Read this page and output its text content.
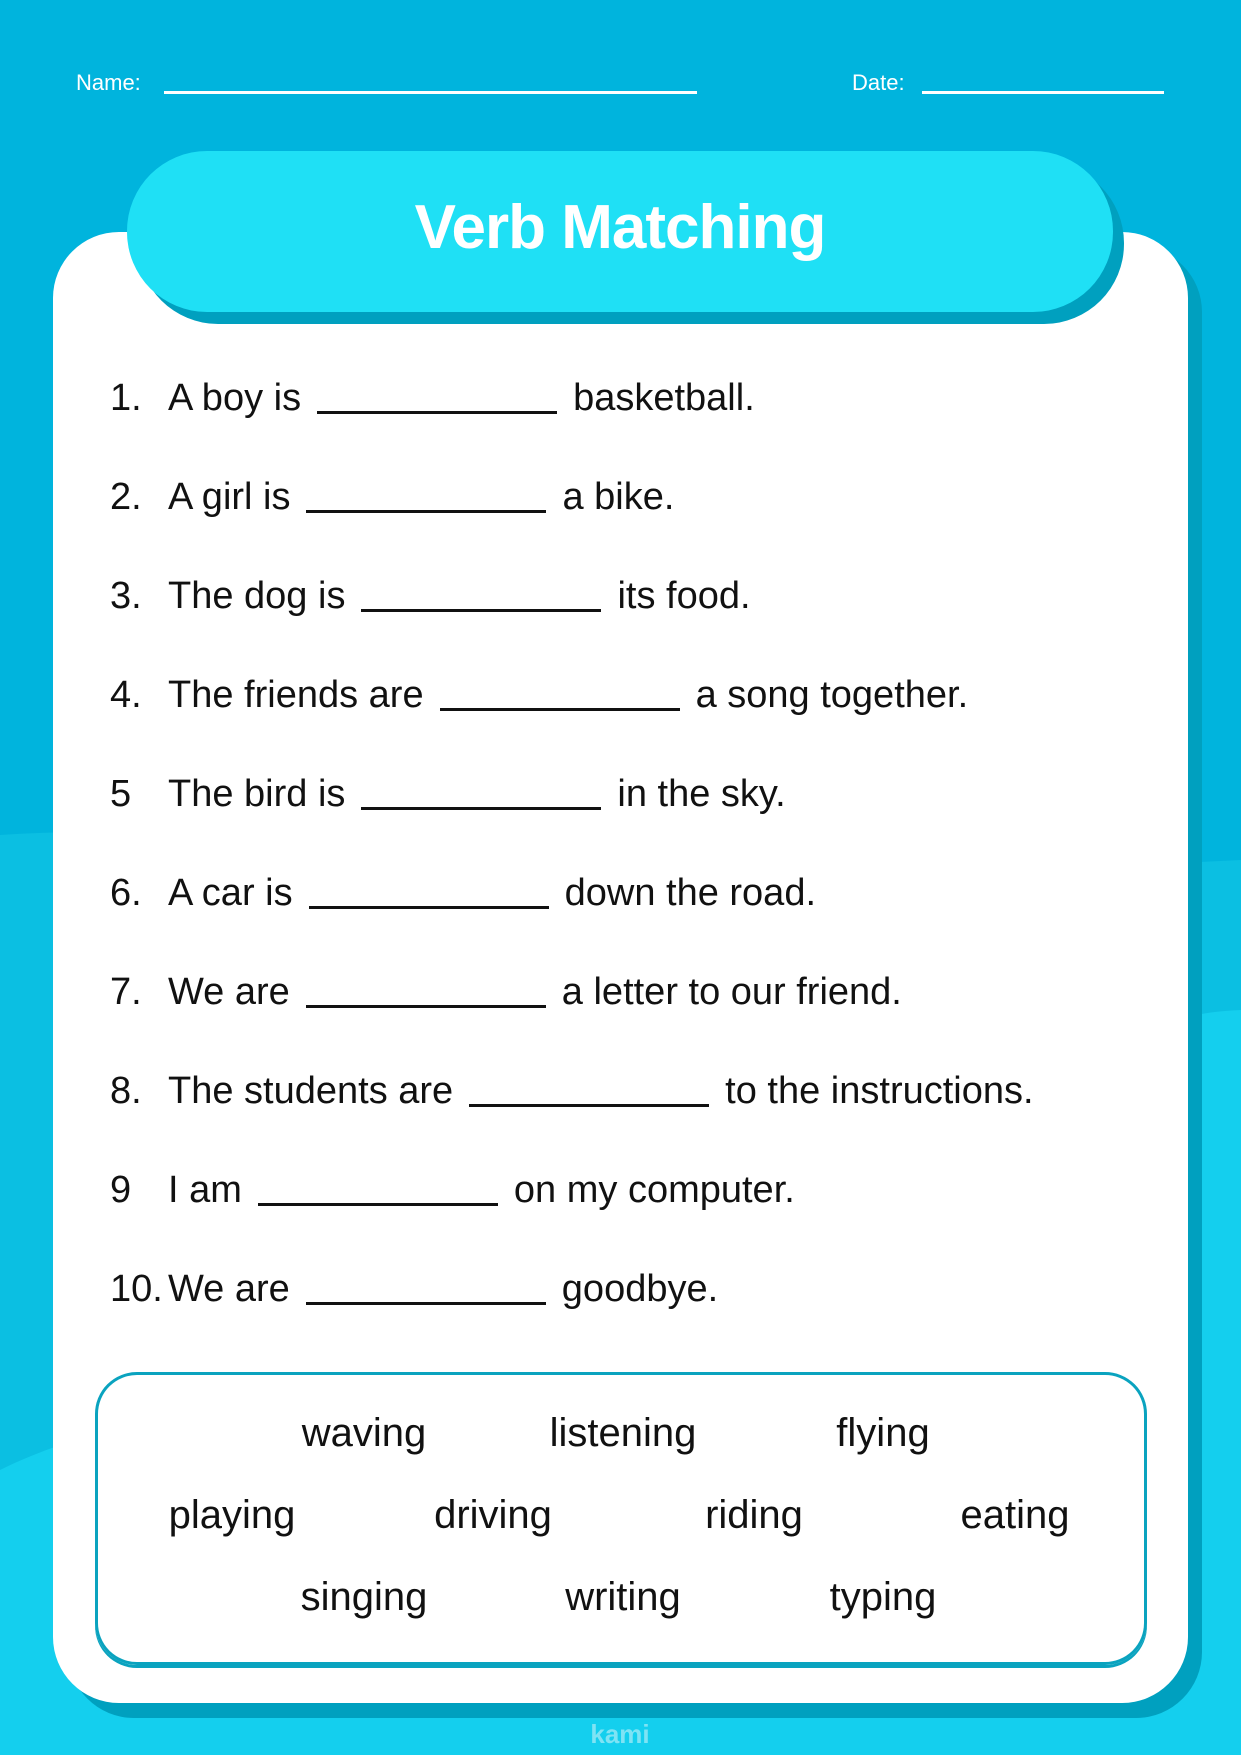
Name:	Date:
Verb Matching
1. A boy is	basketball.
2. A girl is	a bike.
3. The dog is	its food.
4. The friends are	a song together.
5 The bird is	in the sky.
6. A car is	down the road.
7. We are	a letter to our friend.
8. The students are	to the instructions.
9 I am	on my computer.
10. We are	goodbye.
waving	listening	flying
playing	driving	riding	eating
singing	writing	typing
kami
